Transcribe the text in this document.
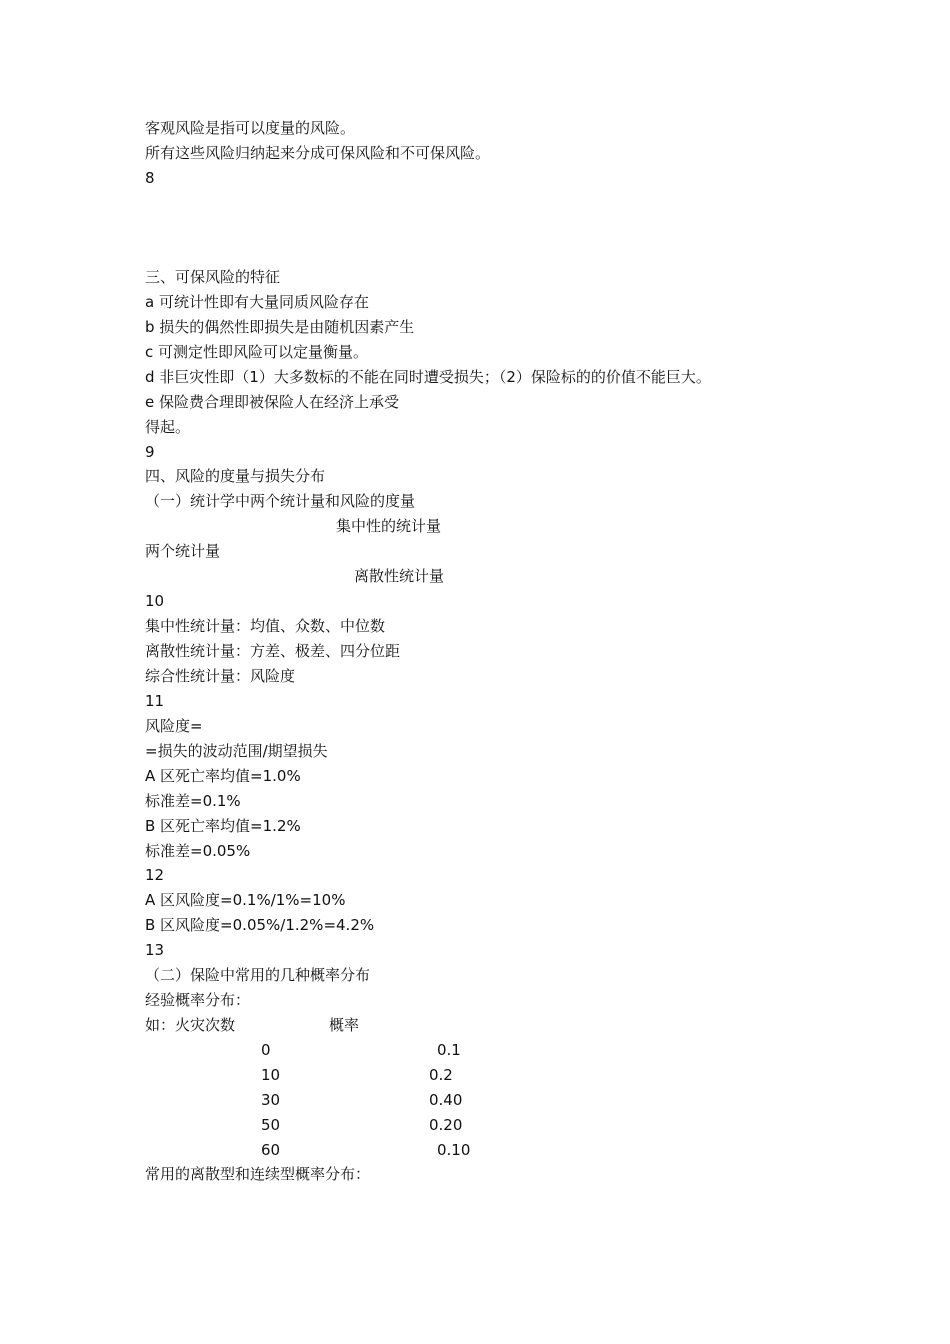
客观风险是指可以度量的风险。
所有这些风险归纳起来分成可保风险和不可保风险。
8
三、可保风险的特征
a 可统计性即有大量同质风险存在
b 损失的偶然性即损失是由随机因素产生
c 可测定性即风险可以定量衡量。
d 非巨灾性即（1）大多数标的不能在同时遭受损失；（2）保险标的的价值不能巨大。
e 保险费合理即被保险人在经济上承受
得起。
9
四、风险的度量与损失分布
（一）统计学中两个统计量和风险的度量
集中性的统计量
两个统计量
离散性统计量
10
集中性统计量：均值、众数、中位数
离散性统计量：方差、极差、四分位距
综合性统计量：风险度
11
风险度=
=损失的波动范围/期望损失
A 区死亡率均值=1.0%
标准差=0.1%
B 区死亡率均值=1.2%
标准差=0.05%
12
A 区风险度=0.1%/1%=10%
B 区风险度=0.05%/1.2%=4.2%
13
（二）保险中常用的几种概率分布
经验概率分布：
如：火灾次数	概率
0	0.1
10	0.2
30	0.40
50	0.20
60	0.10
常用的离散型和连续型概率分布：
